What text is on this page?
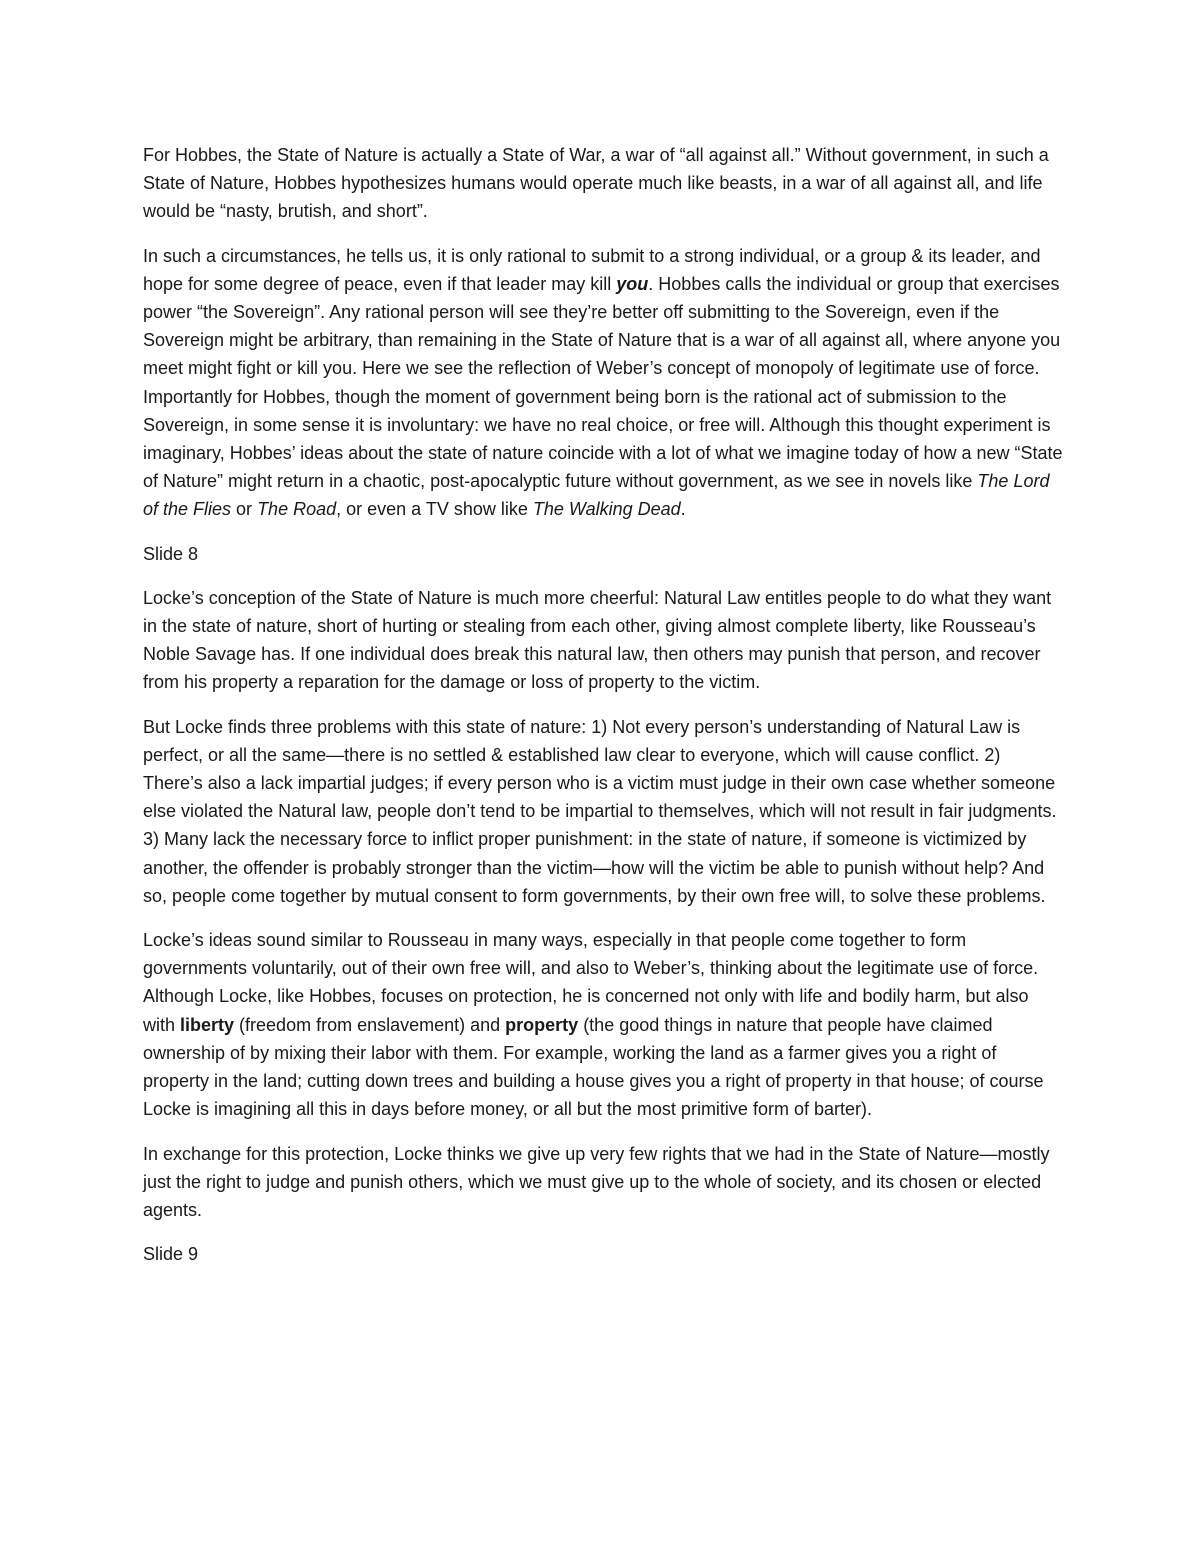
For Hobbes, the State of Nature is actually a State of War, a war of “all against all.” Without government, in such a State of Nature, Hobbes hypothesizes humans would operate much like beasts, in a war of all against all, and life would be “nasty, brutish, and short”.

In such a circumstances, he tells us, it is only rational to submit to a strong individual, or a group & its leader, and hope for some degree of peace, even if that leader may kill you. Hobbes calls the individual or group that exercises power “the Sovereign”. Any rational person will see they’re better off submitting to the Sovereign, even if the Sovereign might be arbitrary, than remaining in the State of Nature that is a war of all against all, where anyone you meet might fight or kill you. Here we see the reflection of Weber’s concept of monopoly of legitimate use of force. Importantly for Hobbes, though the moment of government being born is the rational act of submission to the Sovereign, in some sense it is involuntary: we have no real choice, or free will. Although this thought experiment is imaginary, Hobbes’ ideas about the state of nature coincide with a lot of what we imagine today of how a new “State of Nature” might return in a chaotic, post-apocalyptic future without government, as we see in novels like The Lord of the Flies or The Road, or even a TV show like The Walking Dead.

Slide 8

Locke’s conception of the State of Nature is much more cheerful: Natural Law entitles people to do what they want in the state of nature, short of hurting or stealing from each other, giving almost complete liberty, like Rousseau’s Noble Savage has. If one individual does break this natural law, then others may punish that person, and recover from his property a reparation for the damage or loss of property to the victim.

But Locke finds three problems with this state of nature: 1) Not every person’s understanding of Natural Law is perfect, or all the same—there is no settled & established law clear to everyone, which will cause conflict. 2) There’s also a lack impartial judges; if every person who is a victim must judge in their own case whether someone else violated the Natural law, people don’t tend to be impartial to themselves, which will not result in fair judgments. 3) Many lack the necessary force to inflict proper punishment: in the state of nature, if someone is victimized by another, the offender is probably stronger than the victim—how will the victim be able to punish without help? And so, people come together by mutual consent to form governments, by their own free will, to solve these problems.

Locke’s ideas sound similar to Rousseau in many ways, especially in that people come together to form governments voluntarily, out of their own free will, and also to Weber’s, thinking about the legitimate use of force. Although Locke, like Hobbes, focuses on protection, he is concerned not only with life and bodily harm, but also with liberty (freedom from enslavement) and property (the good things in nature that people have claimed ownership of by mixing their labor with them. For example, working the land as a farmer gives you a right of property in the land; cutting down trees and building a house gives you a right of property in that house; of course Locke is imagining all this in days before money, or all but the most primitive form of barter).

In exchange for this protection, Locke thinks we give up very few rights that we had in the State of Nature—mostly just the right to judge and punish others, which we must give up to the whole of society, and its chosen or elected agents.

Slide 9
